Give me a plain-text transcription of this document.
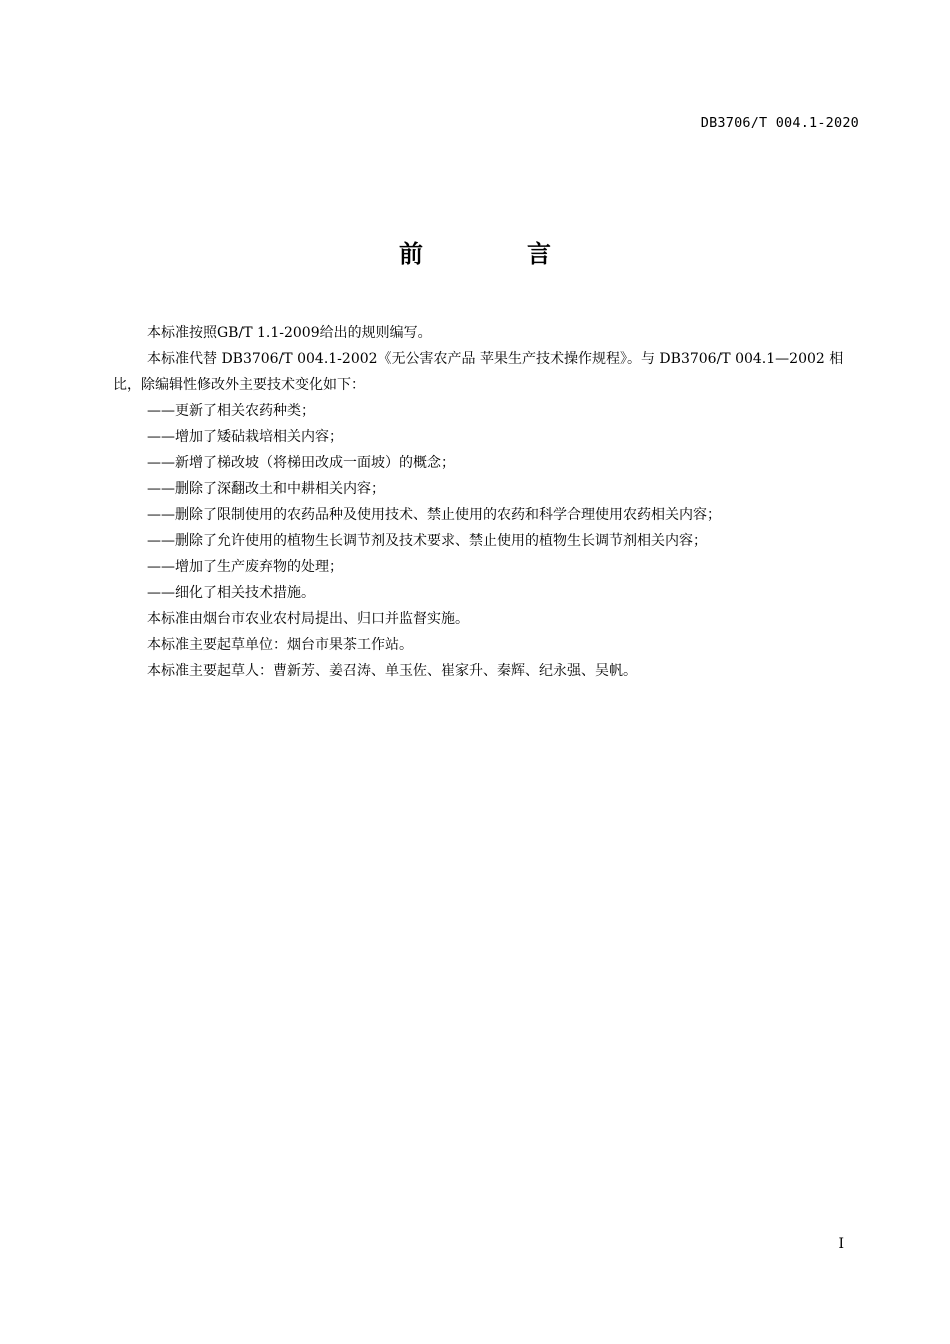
DB3706/T 004.1-2020
前　言

本标准按照GB/T 1.1-2009给出的规则编写。

本标准代替 DB3706/T 004.1-2002《无公害农产品 苹果生产技术操作规程》。与 DB3706/T 004.1—2002 相比，除编辑性修改外主要技术变化如下：

——更新了相关农药种类；

——增加了矮砧栽培相关内容；

——新增了梯改坡（将梯田改成一面坡）的概念；

——删除了深翻改土和中耕相关内容；

——删除了限制使用的农药品种及使用技术、禁止使用的农药和科学合理使用农药相关内容；

——删除了允许使用的植物生长调节剂及技术要求、禁止使用的植物生长调节剂相关内容；

——增加了生产废弃物的处理；

——细化了相关技术措施。

本标准由烟台市农业农村局提出、归口并监督实施。

本标准主要起草单位：烟台市果茶工作站。

本标准主要起草人：曹新芳、姜召涛、单玉佐、崔家升、秦辉、纪永强、吴帆。

I
